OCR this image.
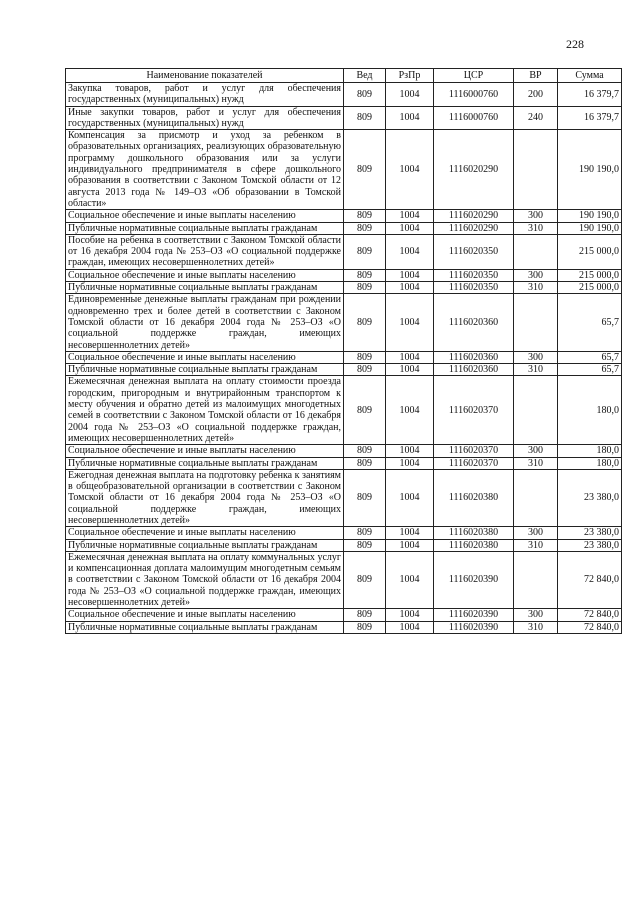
228
Наименование показателей	Вед	РзПр	ЦСР	ВР	Сумма
Закупка товаров, работ и услуг для обеспечения государственных (муниципальных) нужд	809	1004	1116000760	200	16 379,7
Иные закупки товаров, работ и услуг для обеспечения государственных (муниципальных) нужд	809	1004	1116000760	240	16 379,7
Компенсация за присмотр и уход за ребенком в образовательных организациях, реализующих образовательную программу дошкольного образования или за услуги индивидуального предпринимателя в сфере дошкольного образования в соответствии с Законом Томской области от 12 августа 2013 года № 149–ОЗ «Об образовании в Томской области»	809	1004	1116020290		190 190,0
Социальное обеспечение и иные выплаты населению	809	1004	1116020290	300	190 190,0
Публичные нормативные социальные выплаты гражданам	809	1004	1116020290	310	190 190,0
Пособие на ребенка в соответствии с Законом Томской области от 16 декабря 2004 года № 253–ОЗ «О социальной поддержке граждан, имеющих несовершеннолетних детей»	809	1004	1116020350		215 000,0
Социальное обеспечение и иные выплаты населению	809	1004	1116020350	300	215 000,0
Публичные нормативные социальные выплаты гражданам	809	1004	1116020350	310	215 000,0
Единовременные денежные выплаты гражданам при рождении одновременно трех и более детей в соответствии с Законом Томской области от 16 декабря 2004 года № 253–ОЗ «О социальной поддержке граждан, имеющих несовершеннолетних детей»	809	1004	1116020360		65,7
Социальное обеспечение и иные выплаты населению	809	1004	1116020360	300	65,7
Публичные нормативные социальные выплаты гражданам	809	1004	1116020360	310	65,7
Ежемесячная денежная выплата на оплату стоимости проезда городским, пригородным и внутрирайонным транспортом к месту обучения и обратно детей из малоимущих многодетных семей в соответствии с Законом Томской области от 16 декабря 2004 года № 253–ОЗ «О социальной поддержке граждан, имеющих несовершеннолетних детей»	809	1004	1116020370		180,0
Социальное обеспечение и иные выплаты населению	809	1004	1116020370	300	180,0
Публичные нормативные социальные выплаты гражданам	809	1004	1116020370	310	180,0
Ежегодная денежная выплата на подготовку ребенка к занятиям в общеобразовательной организации в соответствии с Законом Томской области от 16 декабря 2004 года № 253–ОЗ «О социальной поддержке граждан, имеющих несовершеннолетних детей»	809	1004	1116020380		23 380,0
Социальное обеспечение и иные выплаты населению	809	1004	1116020380	300	23 380,0
Публичные нормативные социальные выплаты гражданам	809	1004	1116020380	310	23 380,0
Ежемесячная денежная выплата на оплату коммунальных услуг и компенсационная доплата малоимущим многодетным семьям в соответствии с Законом Томской области от 16 декабря 2004 года № 253–ОЗ «О социальной поддержке граждан, имеющих несовершеннолетних детей»	809	1004	1116020390		72 840,0
Социальное обеспечение и иные выплаты населению	809	1004	1116020390	300	72 840,0
Публичные нормативные социальные выплаты гражданам	809	1004	1116020390	310	72 840,0
